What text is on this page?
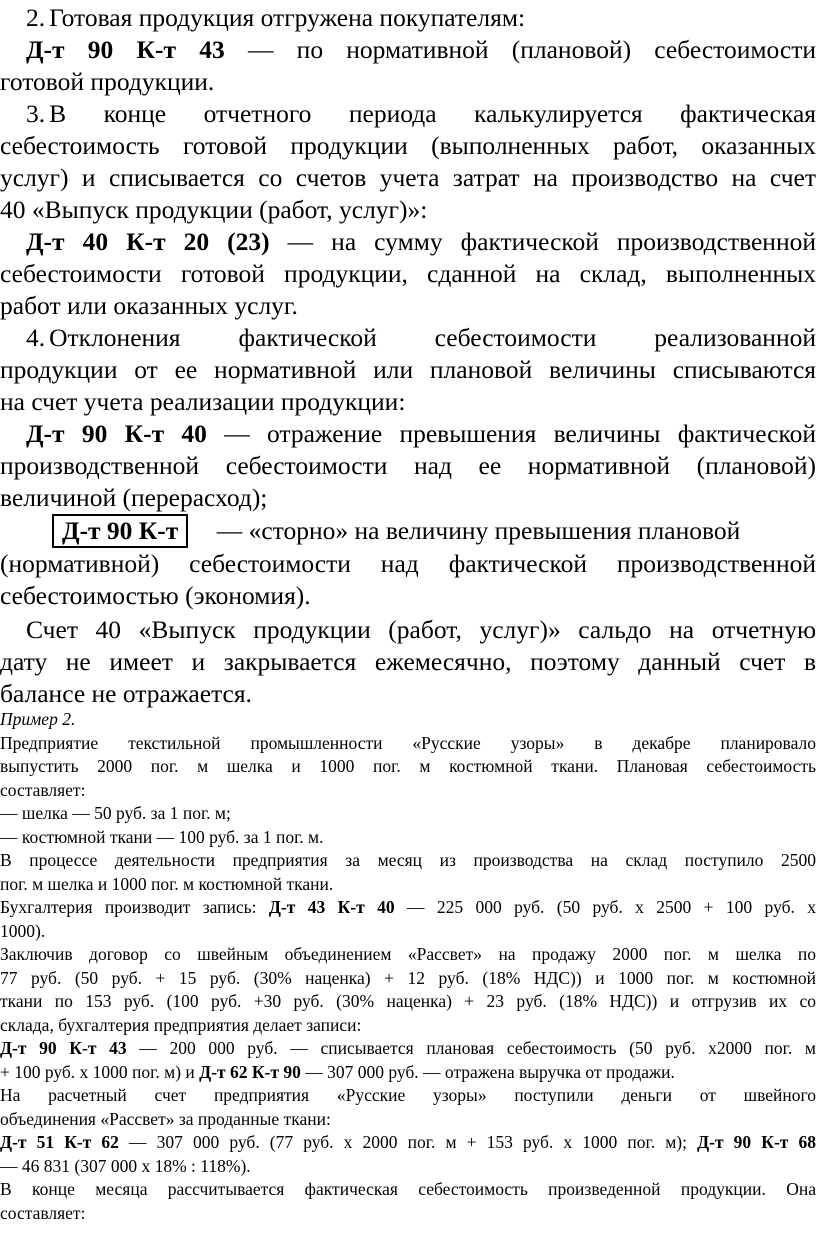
2. Готовая продукция отгружена покупателям:
Д-т 90 К-т 43 — по нормативной (плановой) себестоимости
готовой продукции.
3. В конце отчетного периода калькулируется фактическая
себестоимость готовой продукции (выполненных работ, оказанных
услуг) и списывается со счетов учета затрат на производство на счет
40 «Выпуск продукции (работ, услуг)»:
Д-т 40 К-т 20 (23) — на сумму фактической производственной
себестоимости готовой продукции, сданной на склад, выполненных
работ или оказанных услуг.
4. Отклонения фактической себестоимости реализованной
продукции от ее нормативной или плановой величины списываются
на счет учета реализации продукции:
Д-т 90 К-т 40 — отражение превышения величины фактической
производственной себестоимости над ее нормативной (плановой)
величиной (перерасход);
Д-т 90 К-т — «сторно» на величину превышения плановой
(нормативной) себестоимости над фактической производственной
себестоимостью (экономия).
Счет 40 «Выпуск продукции (работ, услуг)» сальдо на отчетную
дату не имеет и закрывается ежемесячно, поэтому данный счет в
балансе не отражается.
Пример 2.
Предприятие текстильной промышленности «Русские узоры» в декабре планировало
выпустить 2000 пог. м шелка и 1000 пог. м костюмной ткани. Плановая себестоимость
составляет:
— шелка — 50 руб. за 1 пог. м;
— костюмной ткани — 100 руб. за 1 пог. м.
В процессе деятельности предприятия за месяц из производства на склад поступило 2500
пог. м шелка и 1000 пог. м костюмной ткани.
Бухгалтерия производит запись: Д-т 43 К-т 40 — 225 000 руб. (50 руб. х 2500 + 100 руб. х
1000).
Заключив договор со швейным объединением «Рассвет» на продажу 2000 пог. м шелка по
77 руб. (50 руб. + 15 руб. (30% наценка) + 12 руб. (18% НДС)) и 1000 пог. м костюмной
ткани по 153 руб. (100 руб. +30 руб. (30% наценка) + 23 руб. (18% НДС)) и отгрузив их со
склада, бухгалтерия предприятия делает записи:
Д-т 90 К-т 43 — 200 000 руб. — списывается плановая себестоимость (50 руб. х2000 пог. м
+ 100 руб. х 1000 пог. м) и Д-т 62 К-т 90 — 307 000 руб. — отражена выручка от продажи.
На расчетный счет предприятия «Русские узоры» поступили деньги от швейного
объединения «Рассвет» за проданные ткани:
Д-т 51 К-т 62 — 307 000 руб. (77 руб. х 2000 пог. м + 153 руб. х 1000 пог. м); Д-т 90 К-т 68
— 46 831 (307 000 х 18% : 118%).
В конце месяца рассчитывается фактическая себестоимость произведенной продукции. Она
составляет:
